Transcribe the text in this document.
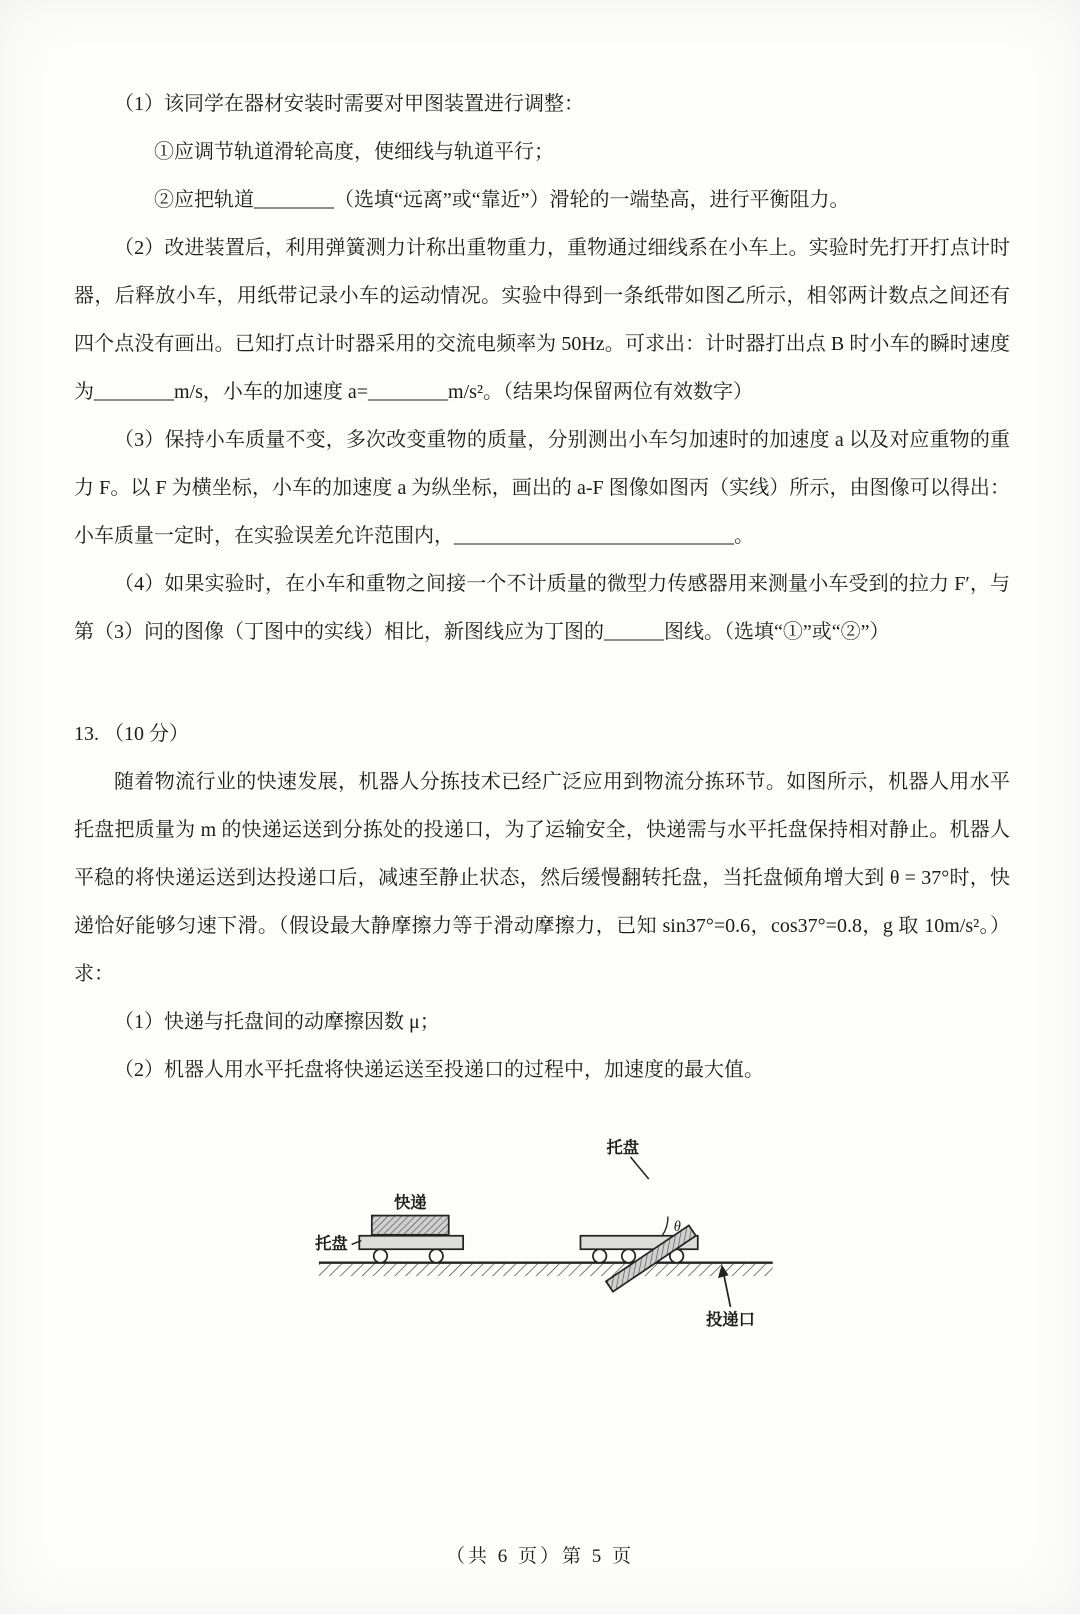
（1）该同学在器材安装时需要对甲图装置进行调整：

①应调节轨道滑轮高度，使细线与轨道平行；

②应把轨道________（选填“远离”或“靠近”）滑轮的一端垫高，进行平衡阻力。

（2）改进装置后，利用弹簧测力计称出重物重力，重物通过细线系在小车上。实验时先打开打点计时器，后释放小车，用纸带记录小车的运动情况。实验中得到一条纸带如图乙所示，相邻两计数点之间还有四个点没有画出。已知打点计时器采用的交流电频率为 50Hz。可求出：计时器打出点 B 时小车的瞬时速度为________m/s，小车的加速度 a=________m/s²。（结果均保留两位有效数字）

（3）保持小车质量不变，多次改变重物的质量，分别测出小车匀加速时的加速度 a 以及对应重物的重力 F。以 F 为横坐标，小车的加速度 a 为纵坐标，画出的 a-F 图像如图丙（实线）所示，由图像可以得出：小车质量一定时，在实验误差允许范围内，____________________________。

（4）如果实验时，在小车和重物之间接一个不计质量的微型力传感器用来测量小车受到的拉力 F′，与第（3）问的图像（丁图中的实线）相比，新图线应为丁图的______图线。（选填“①”或“②”）

13. （10 分）

随着物流行业的快速发展，机器人分拣技术已经广泛应用到物流分拣环节。如图所示，机器人用水平托盘把质量为 m 的快递运送到分拣处的投递口，为了运输安全，快递需与水平托盘保持相对静止。机器人平稳的将快递运送到达投递口后，减速至静止状态，然后缓慢翻转托盘，当托盘倾角增大到 θ = 37°时，快递恰好能够匀速下滑。（假设最大静摩擦力等于滑动摩擦力，已知 sin37°=0.6，cos37°=0.8，g 取 10m/s²。）求：

（1）快递与托盘间的动摩擦因数 μ；

（2）机器人用水平托盘将快递运送至投递口的过程中，加速度的最大值。

托盘
快递
θ
托盘
投递口
（共 6 页）第 5 页
